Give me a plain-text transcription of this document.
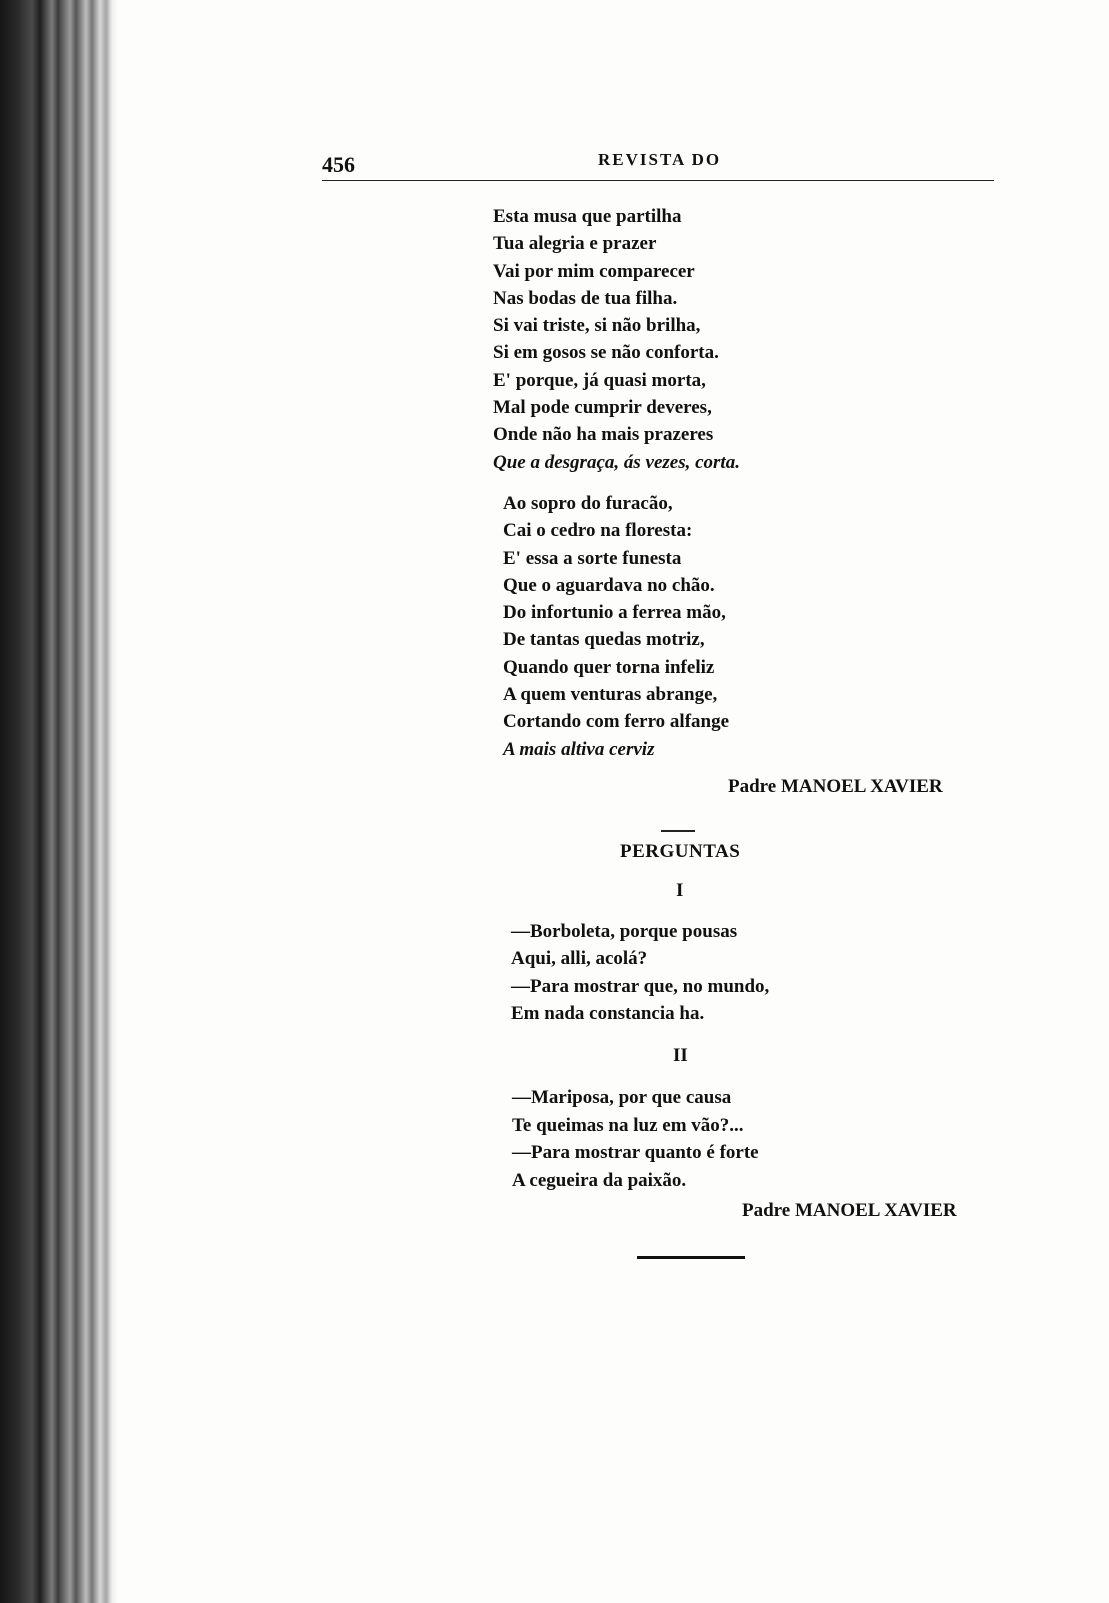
456	REVISTA DO
Esta musa que partilha
Tua alegria e prazer
Vai por mim comparecer
Nas bodas de tua filha.
Si vai triste, si não brilha,
Si em gosos se não conforta.
E' porque, já quasi morta,
Mal pode cumprir deveres,
Onde não ha mais prazeres
Que a desgraça, ás vezes, corta.
Ao sopro do furacão,
Cai o cedro na floresta:
E' essa a sorte funesta
Que o aguardava no chão.
Do infortunio a ferrea mão,
De tantas quedas motriz,
Quando quer torna infeliz
A quem venturas abrange,
Cortando com ferro alfange
A mais altiva cerviz
Padre MANOEL XAVIER
PERGUNTAS
I
—Borboleta, porque pousas
Aqui, alli, acolá?
—Para mostrar que, no mundo,
Em nada constancia ha.
II
—Mariposa, por que causa
Te queimas na luz em vão?...
—Para mostrar quanto é forte
A cegueira da paixão.
Padre MANOEL XAVIER
